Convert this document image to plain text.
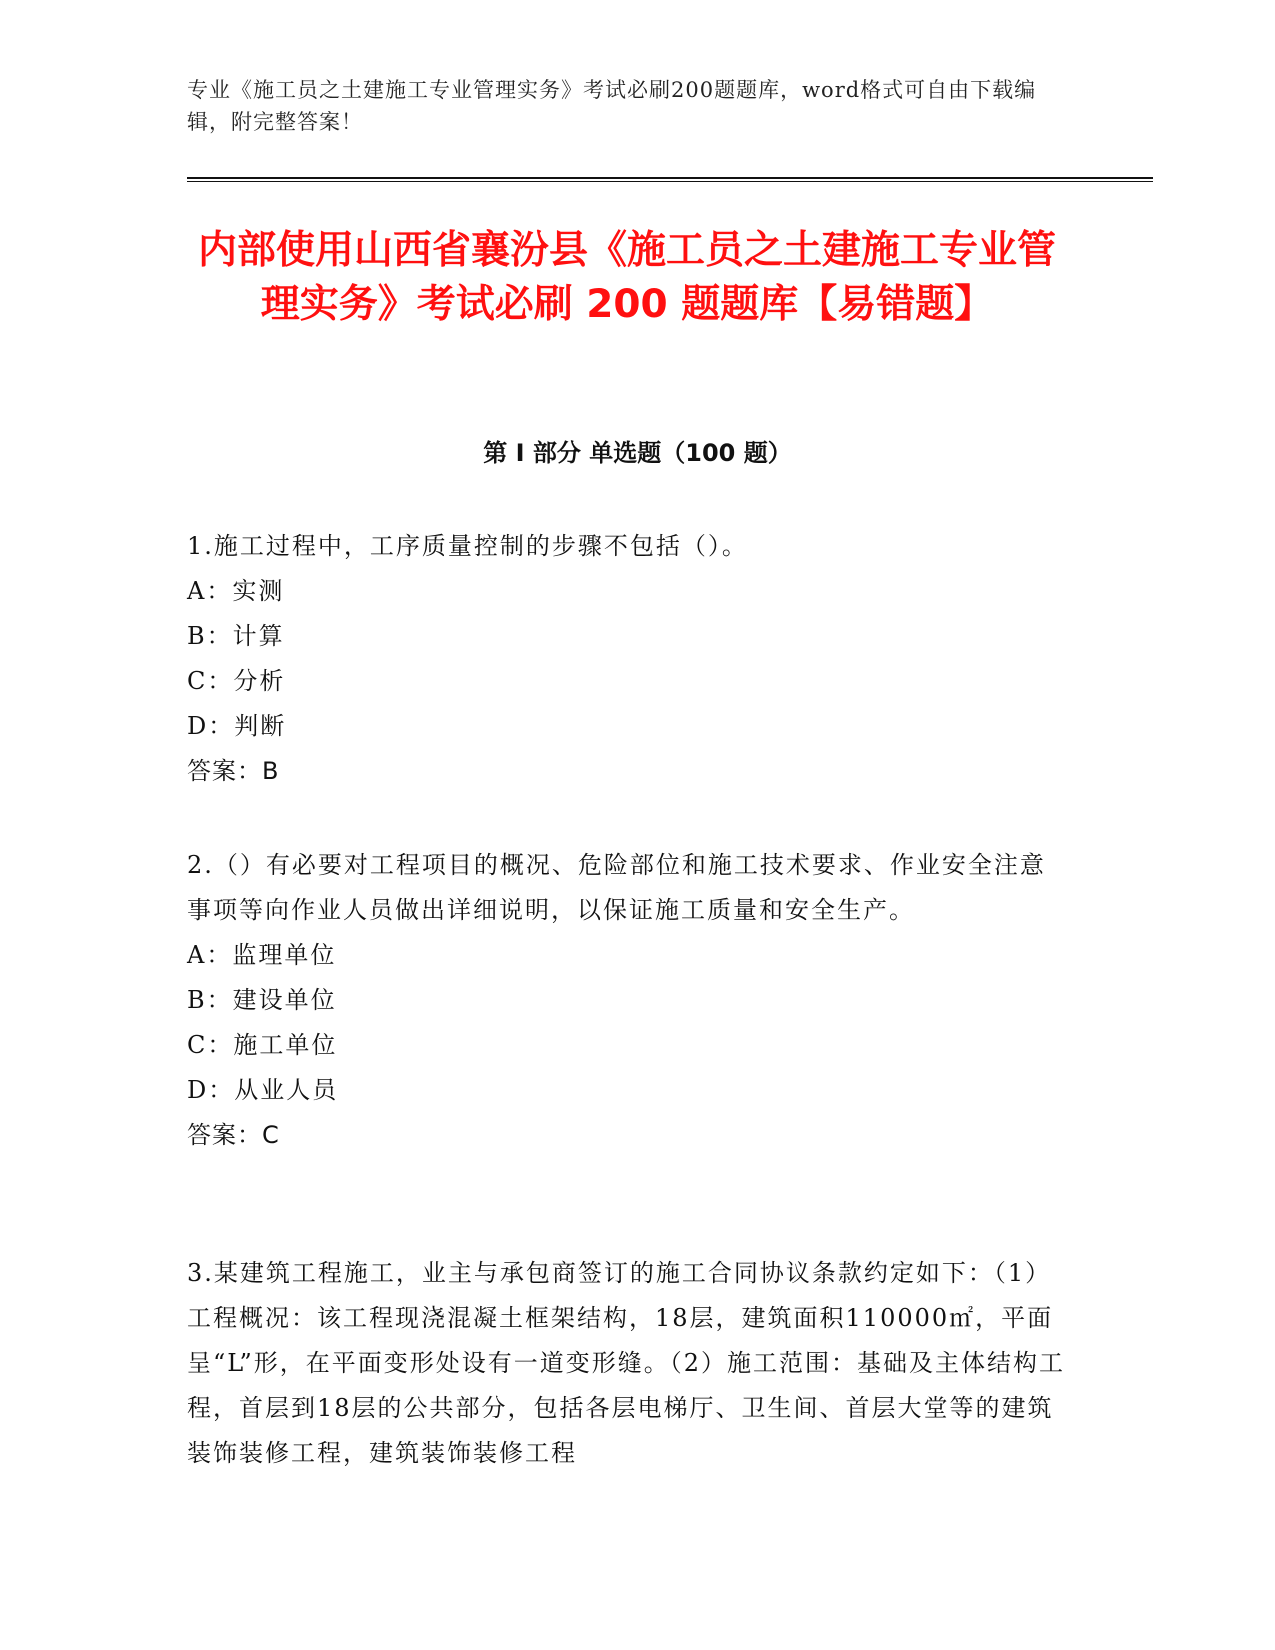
专业《施工员之土建施工专业管理实务》考试必刷200题题库，word格式可自由下载编辑，附完整答案！
内部使用山西省襄汾县《施工员之土建施工专业管理实务》考试必刷 200 题题库【易错题】
第 I 部分 单选题（100 题）

1.施工过程中，工序质量控制的步骤不包括（）。

A：实测

B：计算

C：分析

D：判断

答案：B

2.（）有必要对工程项目的概况、危险部位和施工技术要求、作业安全注意事项等向作业人员做出详细说明，以保证施工质量和安全生产。

A：监理单位

B：建设单位

C：施工单位

D：从业人员

答案：C

3.某建筑工程施工，业主与承包商签订的施工合同协议条款约定如下：（1）工程概况：该工程现浇混凝土框架结构，18层，建筑面积110000㎡，平面呈“L”形，在平面变形处设有一道变形缝。（2）施工范围：基础及主体结构工程，首层到18层的公共部分，包括各层电梯厅、卫生间、首层大堂等的建筑装饰装修工程，建筑装饰装修工程
